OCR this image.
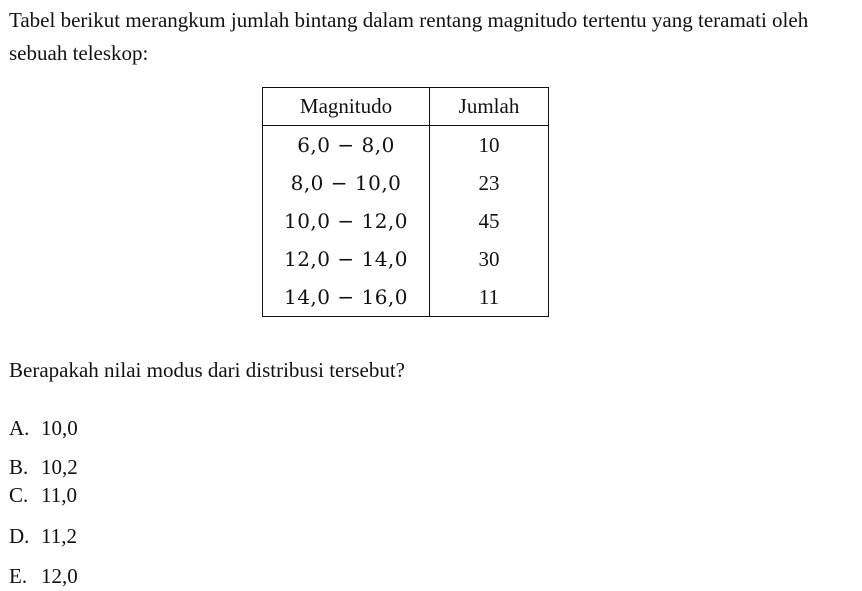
Tabel berikut merangkum jumlah bintang dalam rentang magnitudo tertentu yang teramati oleh sebuah teleskop:

Magnitudo	Jumlah
6,0 − 8,0	10
8,0 − 10,0	23
10,0 − 12,0	45
12,0 − 14,0	30
14,0 − 16,0	11

Berapakah nilai modus dari distribusi tersebut?

A. 10,0
B. 10,2
C. 11,0
D. 11,2
E. 12,0
